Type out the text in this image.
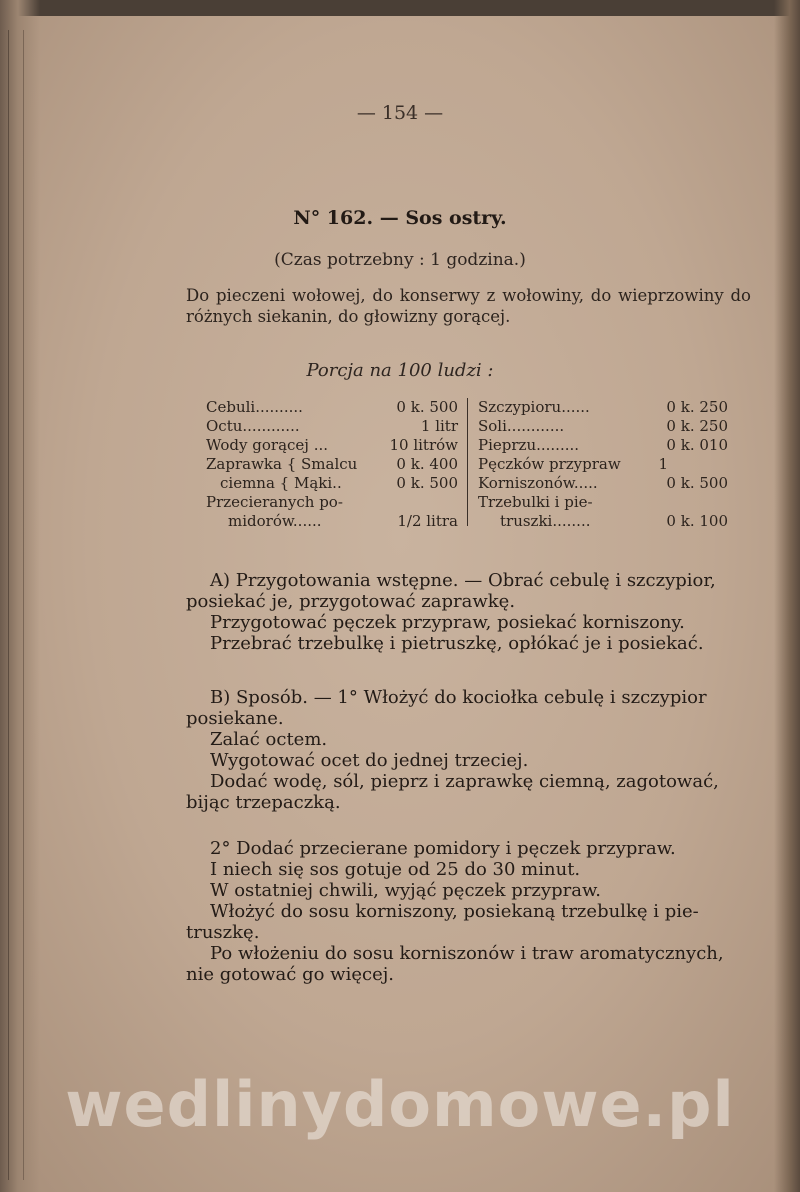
— 154 —
N° 162. — Sos ostry.
(Czas potrzebny : 1 godzina.)
Do pieczeni wołowej, do konserwy z wołowiny, do wieprzowiny do różnych siekanin, do głowizny gorącej.
Porcja na 100 ludzi :
Cebuli..........	0 k. 500
Octu............	1 litr
Wody gorącej ...	10 litrów
Zaprawka { Smalcu	0 k. 400
ciemna { Mąki..	0 k. 500
Przecieranych po-
midorów......	1/2 litra
Szczypioru......	0 k. 250
Soli............	0 k. 250
Pieprzu.........	0 k. 010
Pęczków przypraw	1
Korniszonów.....	0 k. 500
Trzebulki i pie-
truszki........	0 k. 100
A) Przygotowania wstępne. — Obrać cebulę i szczypior,
posiekać je, przygotować zaprawkę.
Przygotować pęczek przypraw, posiekać korniszony.
Przebrać trzebulkę i pietruszkę, opłókać je i posiekać.
B) Sposób. — 1° Włożyć do kociołka cebulę i szczypior
posiekane.
Zalać octem.
Wygotować ocet do jednej trzeciej.
Dodać wodę, sól, pieprz i zaprawkę ciemną, zagotować,
bijąc trzepaczką.
2° Dodać przecierane pomidory i pęczek przypraw.
I niech się sos gotuje od 25 do 30 minut.
W ostatniej chwili, wyjąć pęczek przypraw.
Włożyć do sosu korniszony, posiekaną trzebulkę i pie-
truszkę.
Po włożeniu do sosu korniszonów i traw aromatycznych,
nie gotować go więcej.
wedlinydomowe.pl
